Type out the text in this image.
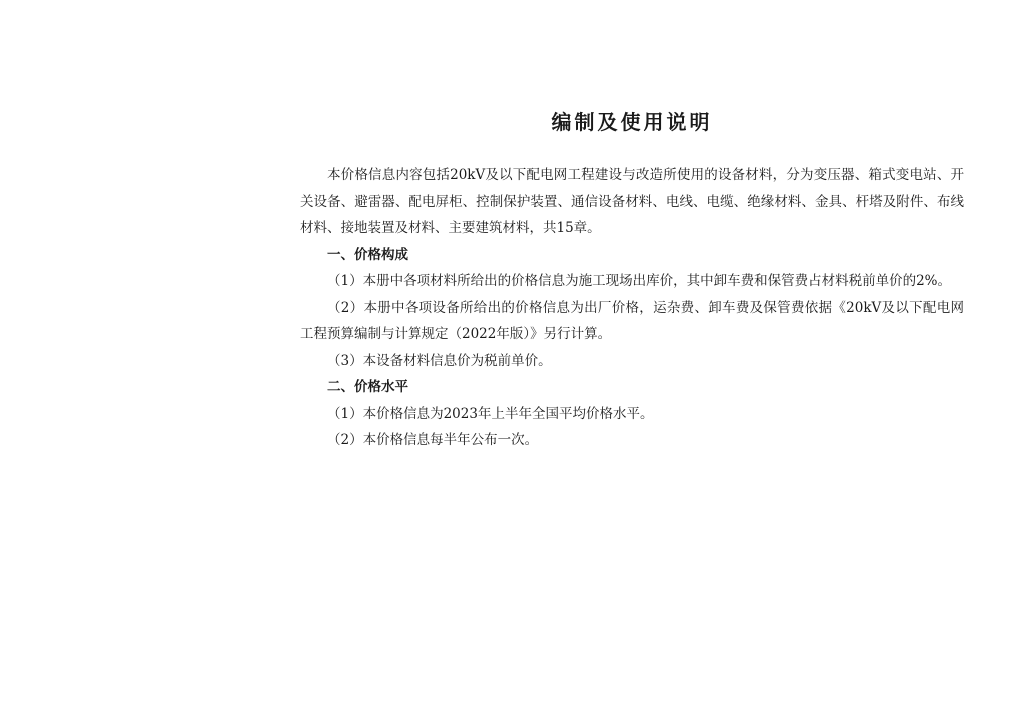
编制及使用说明

本价格信息内容包括20kV及以下配电网工程建设与改造所使用的设备材料，分为变压器、箱式变电站、开关设备、避雷器、配电屏柜、控制保护装置、通信设备材料、电线、电缆、绝缘材料、金具、杆塔及附件、布线材料、接地装置及材料、主要建筑材料，共15章。

一、价格构成

（1）本册中各项材料所给出的价格信息为施工现场出库价，其中卸车费和保管费占材料税前单价的2%。

（2）本册中各项设备所给出的价格信息为出厂价格，运杂费、卸车费及保管费依据《20kV及以下配电网工程预算编制与计算规定（2022年版）》另行计算。

（3）本设备材料信息价为税前单价。

二、价格水平

（1）本价格信息为2023年上半年全国平均价格水平。

（2）本价格信息每半年公布一次。
